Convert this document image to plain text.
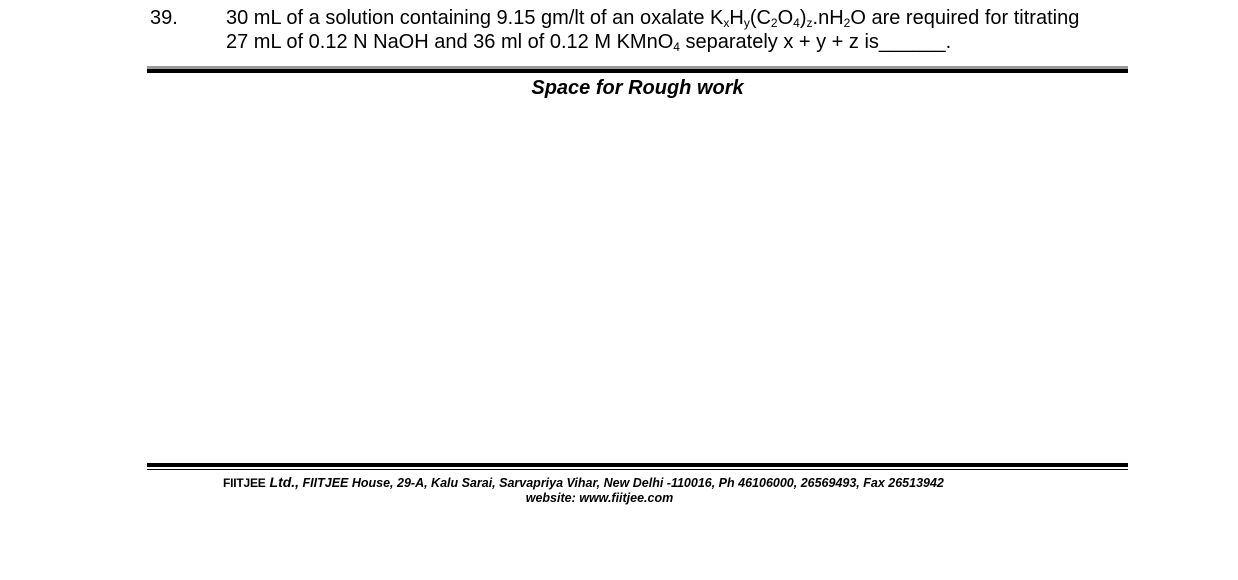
39. 30 mL of a solution containing 9.15 gm/lt of an oxalate $K_xH_y(C_2O_4)_z.nH_2O$ are required for titrating
27 mL of 0.12 N NaOH and 36 ml of 0.12 M KMnO$_4$ separately x + y + z is______.
Space for Rough work
FIITJEE Ltd., FIITJEE House, 29-A, Kalu Sarai, Sarvapriya Vihar, New Delhi -110016, Ph 46106000, 26569493, Fax 26513942
website: www.fiitjee.com
